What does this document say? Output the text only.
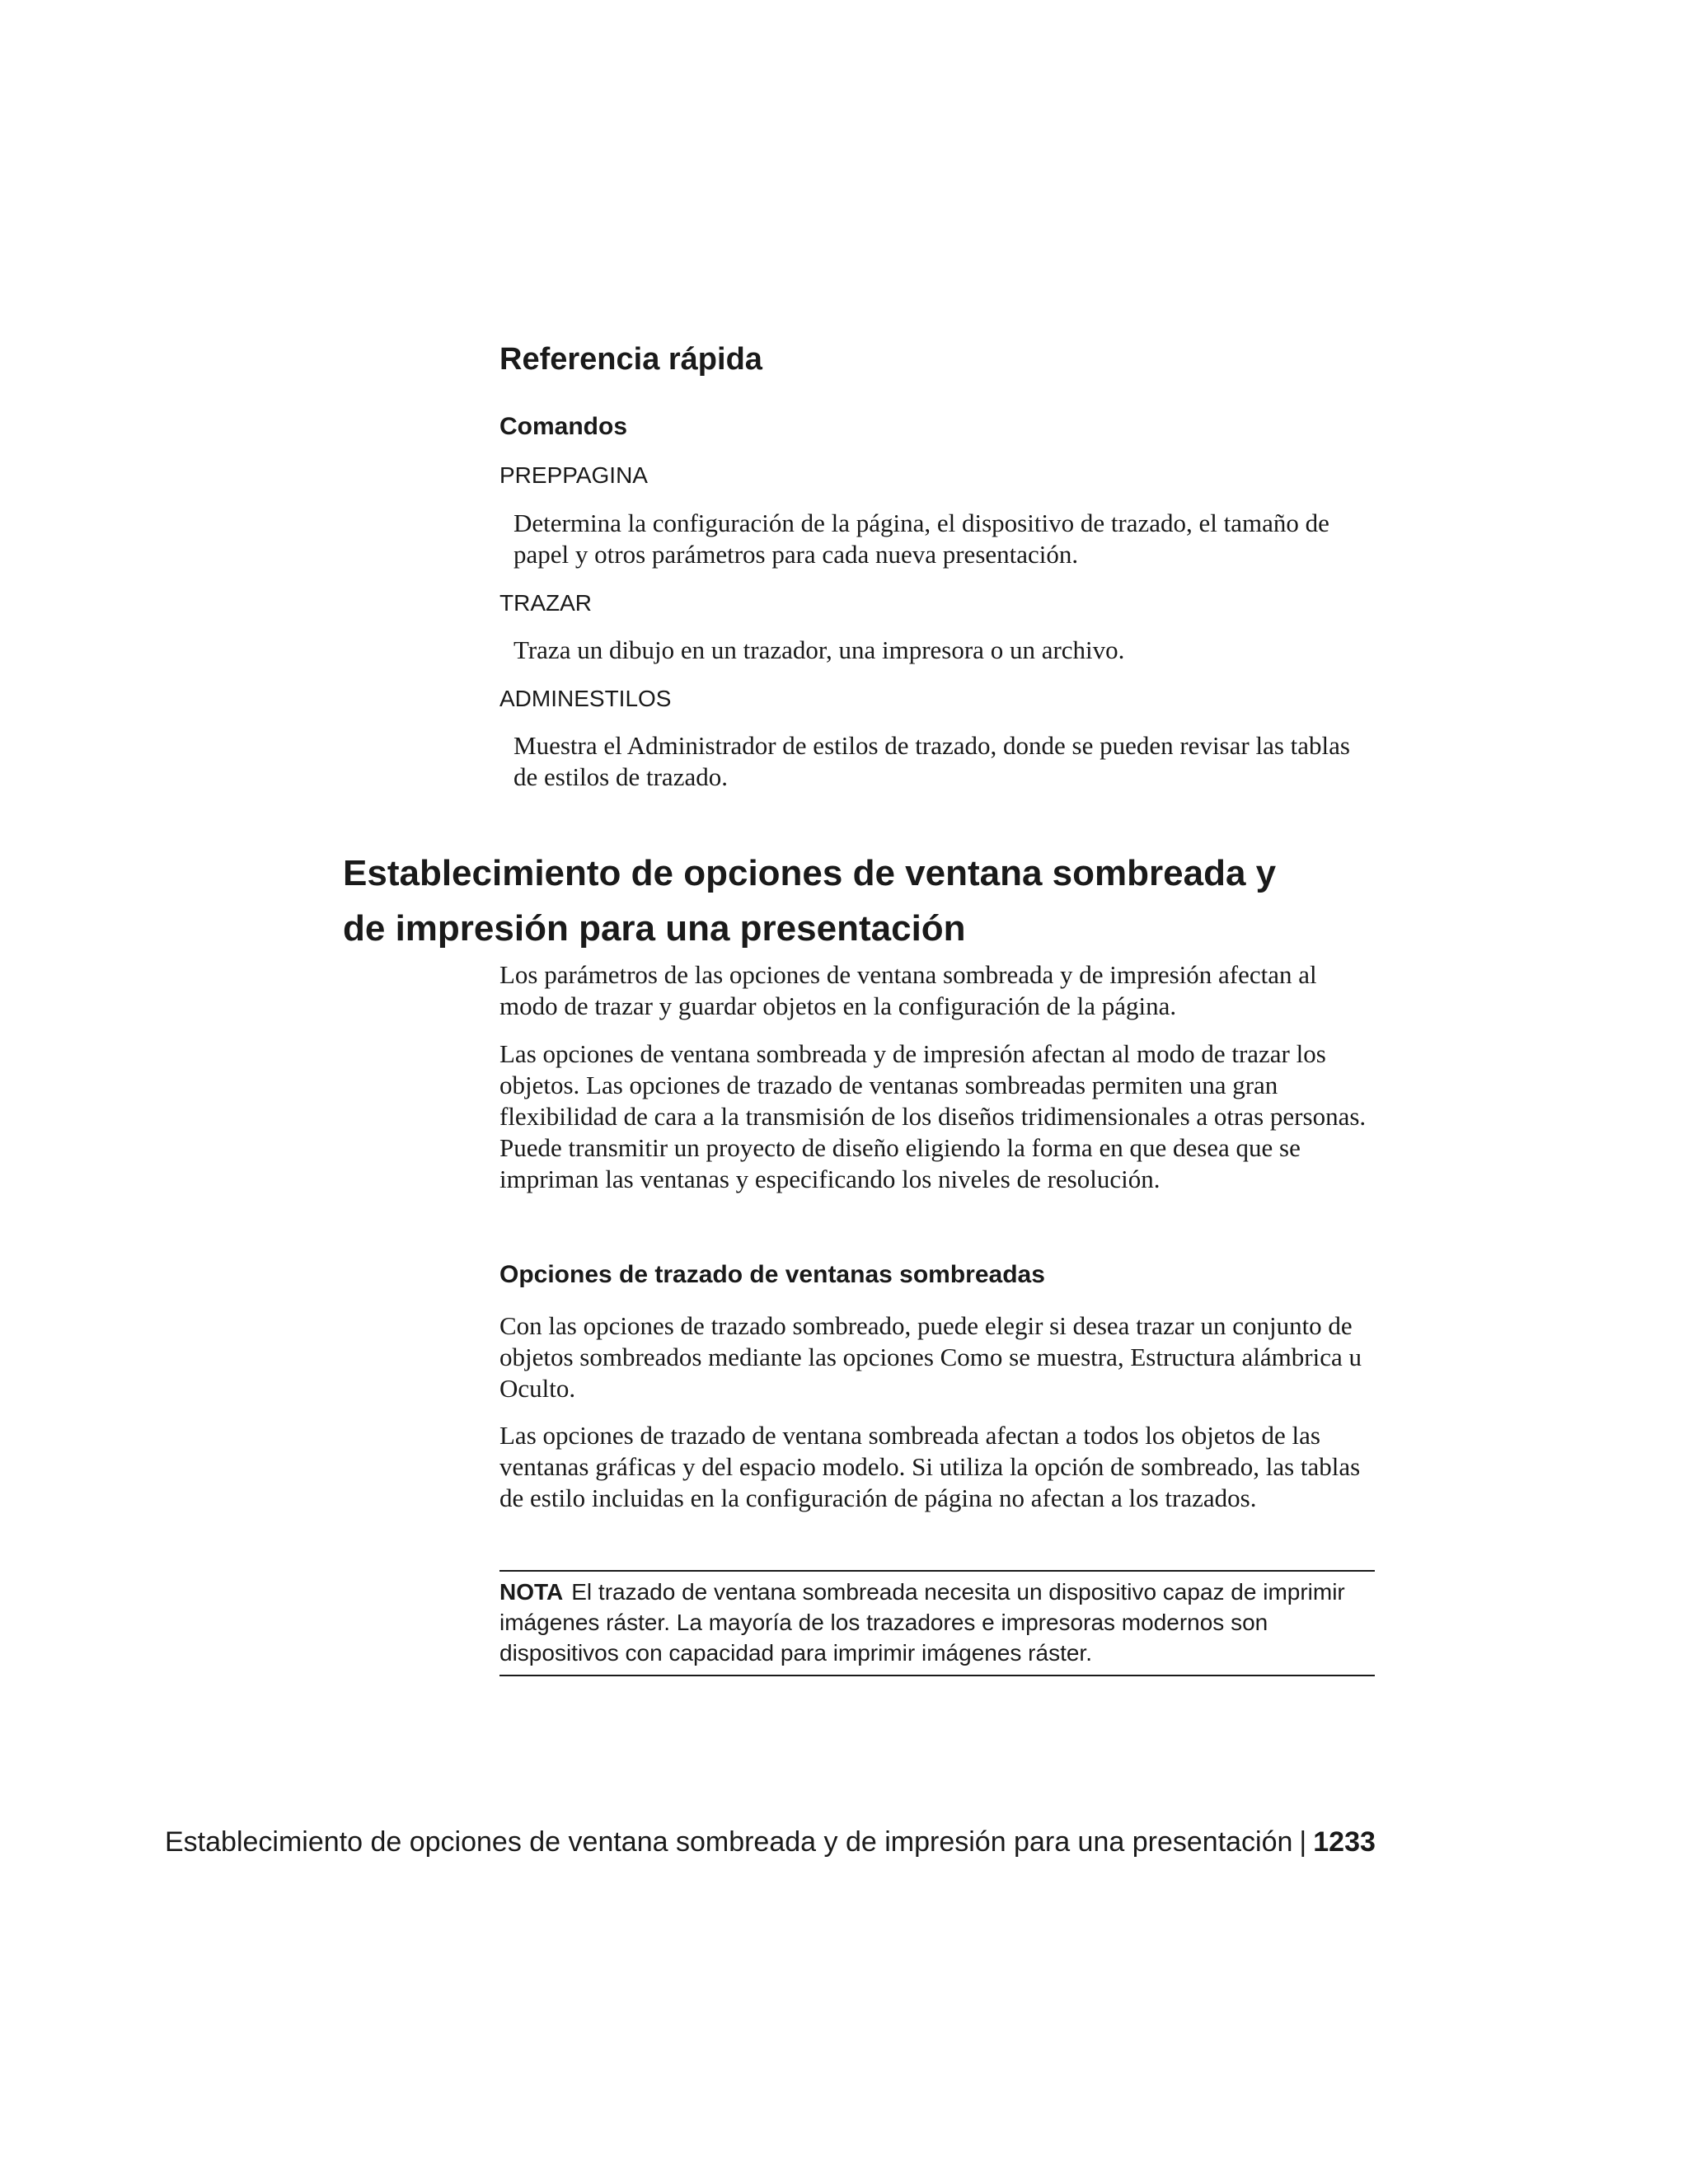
Referencia rápida
Comandos
PREPPAGINA

Determina la configuración de la página, el dispositivo de trazado, el tamaño de papel y otros parámetros para cada nueva presentación.

TRAZAR

Traza un dibujo en un trazador, una impresora o un archivo.

ADMINESTILOS

Muestra el Administrador de estilos de trazado, donde se pueden revisar las tablas de estilos de trazado.

Establecimiento de opciones de ventana sombreada y de impresión para una presentación

Los parámetros de las opciones de ventana sombreada y de impresión afectan al modo de trazar y guardar objetos en la configuración de la página.

Las opciones de ventana sombreada y de impresión afectan al modo de trazar los objetos. Las opciones de trazado de ventanas sombreadas permiten una gran flexibilidad de cara a la transmisión de los diseños tridimensionales a otras personas. Puede transmitir un proyecto de diseño eligiendo la forma en que desea que se impriman las ventanas y especificando los niveles de resolución.

Opciones de trazado de ventanas sombreadas

Con las opciones de trazado sombreado, puede elegir si desea trazar un conjunto de objetos sombreados mediante las opciones Como se muestra, Estructura alámbrica u Oculto.

Las opciones de trazado de ventana sombreada afectan a todos los objetos de las ventanas gráficas y del espacio modelo. Si utiliza la opción de sombreado, las tablas de estilo incluidas en la configuración de página no afectan a los trazados.

NOTA El trazado de ventana sombreada necesita un dispositivo capaz de imprimir imágenes ráster. La mayoría de los trazadores e impresoras modernos son dispositivos con capacidad para imprimir imágenes ráster.
Establecimiento de opciones de ventana sombreada y de impresión para una presentación | 1233
